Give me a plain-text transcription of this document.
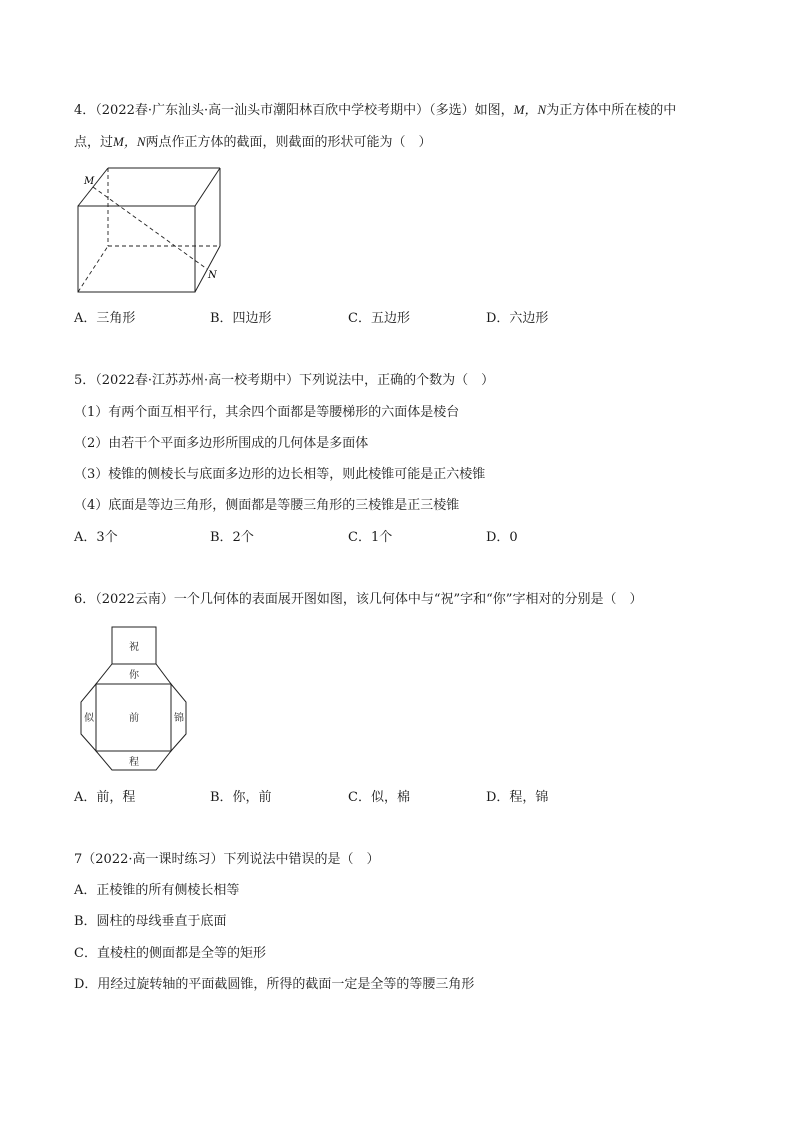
4．（2022春·广东汕头·高一汕头市潮阳林百欣中学校考期中）（多选）如图，M，N为正方体中所在棱的中
点，过M，N两点作正方体的截面，则截面的形状可能为（　）
M
N
A．三角形	B．四边形	C．五边形	D．六边形
5．（2022春·江苏苏州·高一校考期中）下列说法中，正确的个数为（　）
（1）有两个面互相平行，其余四个面都是等腰梯形的六面体是棱台
（2）由若干个平面多边形所围成的几何体是多面体
（3）棱锥的侧棱长与底面多边形的边长相等，则此棱锥可能是正六棱锥
（4）底面是等边三角形，侧面都是等腰三角形的三棱锥是正三棱锥
A．3个	B．2个	C．1个	D．0
6．（2022云南）一个几何体的表面展开图如图，该几何体中与“祝”字和“你”字相对的分别是（　）
祝
你
似	前	锦
程
A．前，程	B．你，前	C．似，棉	D．程，锦
7（2022·高一课时练习）下列说法中错误的是（　）
A．正棱锥的所有侧棱长相等
B．圆柱的母线垂直于底面
C．直棱柱的侧面都是全等的矩形
D．用经过旋转轴的平面截圆锥，所得的截面一定是全等的等腰三角形
